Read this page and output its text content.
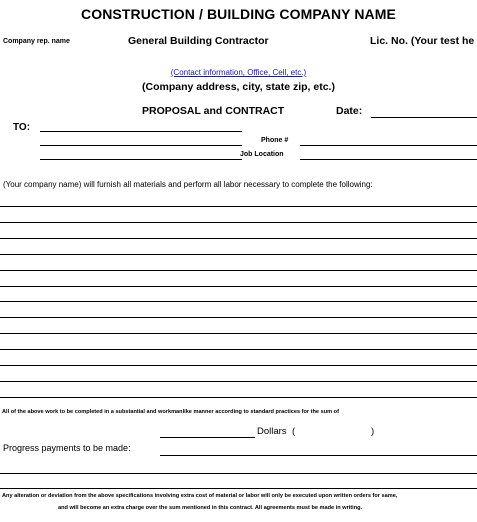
CONSTRUCTION / BUILDING COMPANY NAME
Company rep. name	General Building Contractor	Lic. No. (Your test he
(Contact information, Office, Cell, etc.)
(Company address, city, state zip, etc.)
PROPOSAL and CONTRACT	Date:
TO:
Phone #
Job Location
(Your company name) will furnish all materials and perform all labor necessary to complete the following:
All of the above work to be completed in a substantial and workmanlike manner according to standard practices for the sum of
Dollars (	)
Progress payments to be made:
Any alteration or deviation from the above specifications involving extra cost of material or labor will only be executed upon written orders for same,
and will become an extra charge over the sum mentioned in this contract. All agreements must be made in writing.
